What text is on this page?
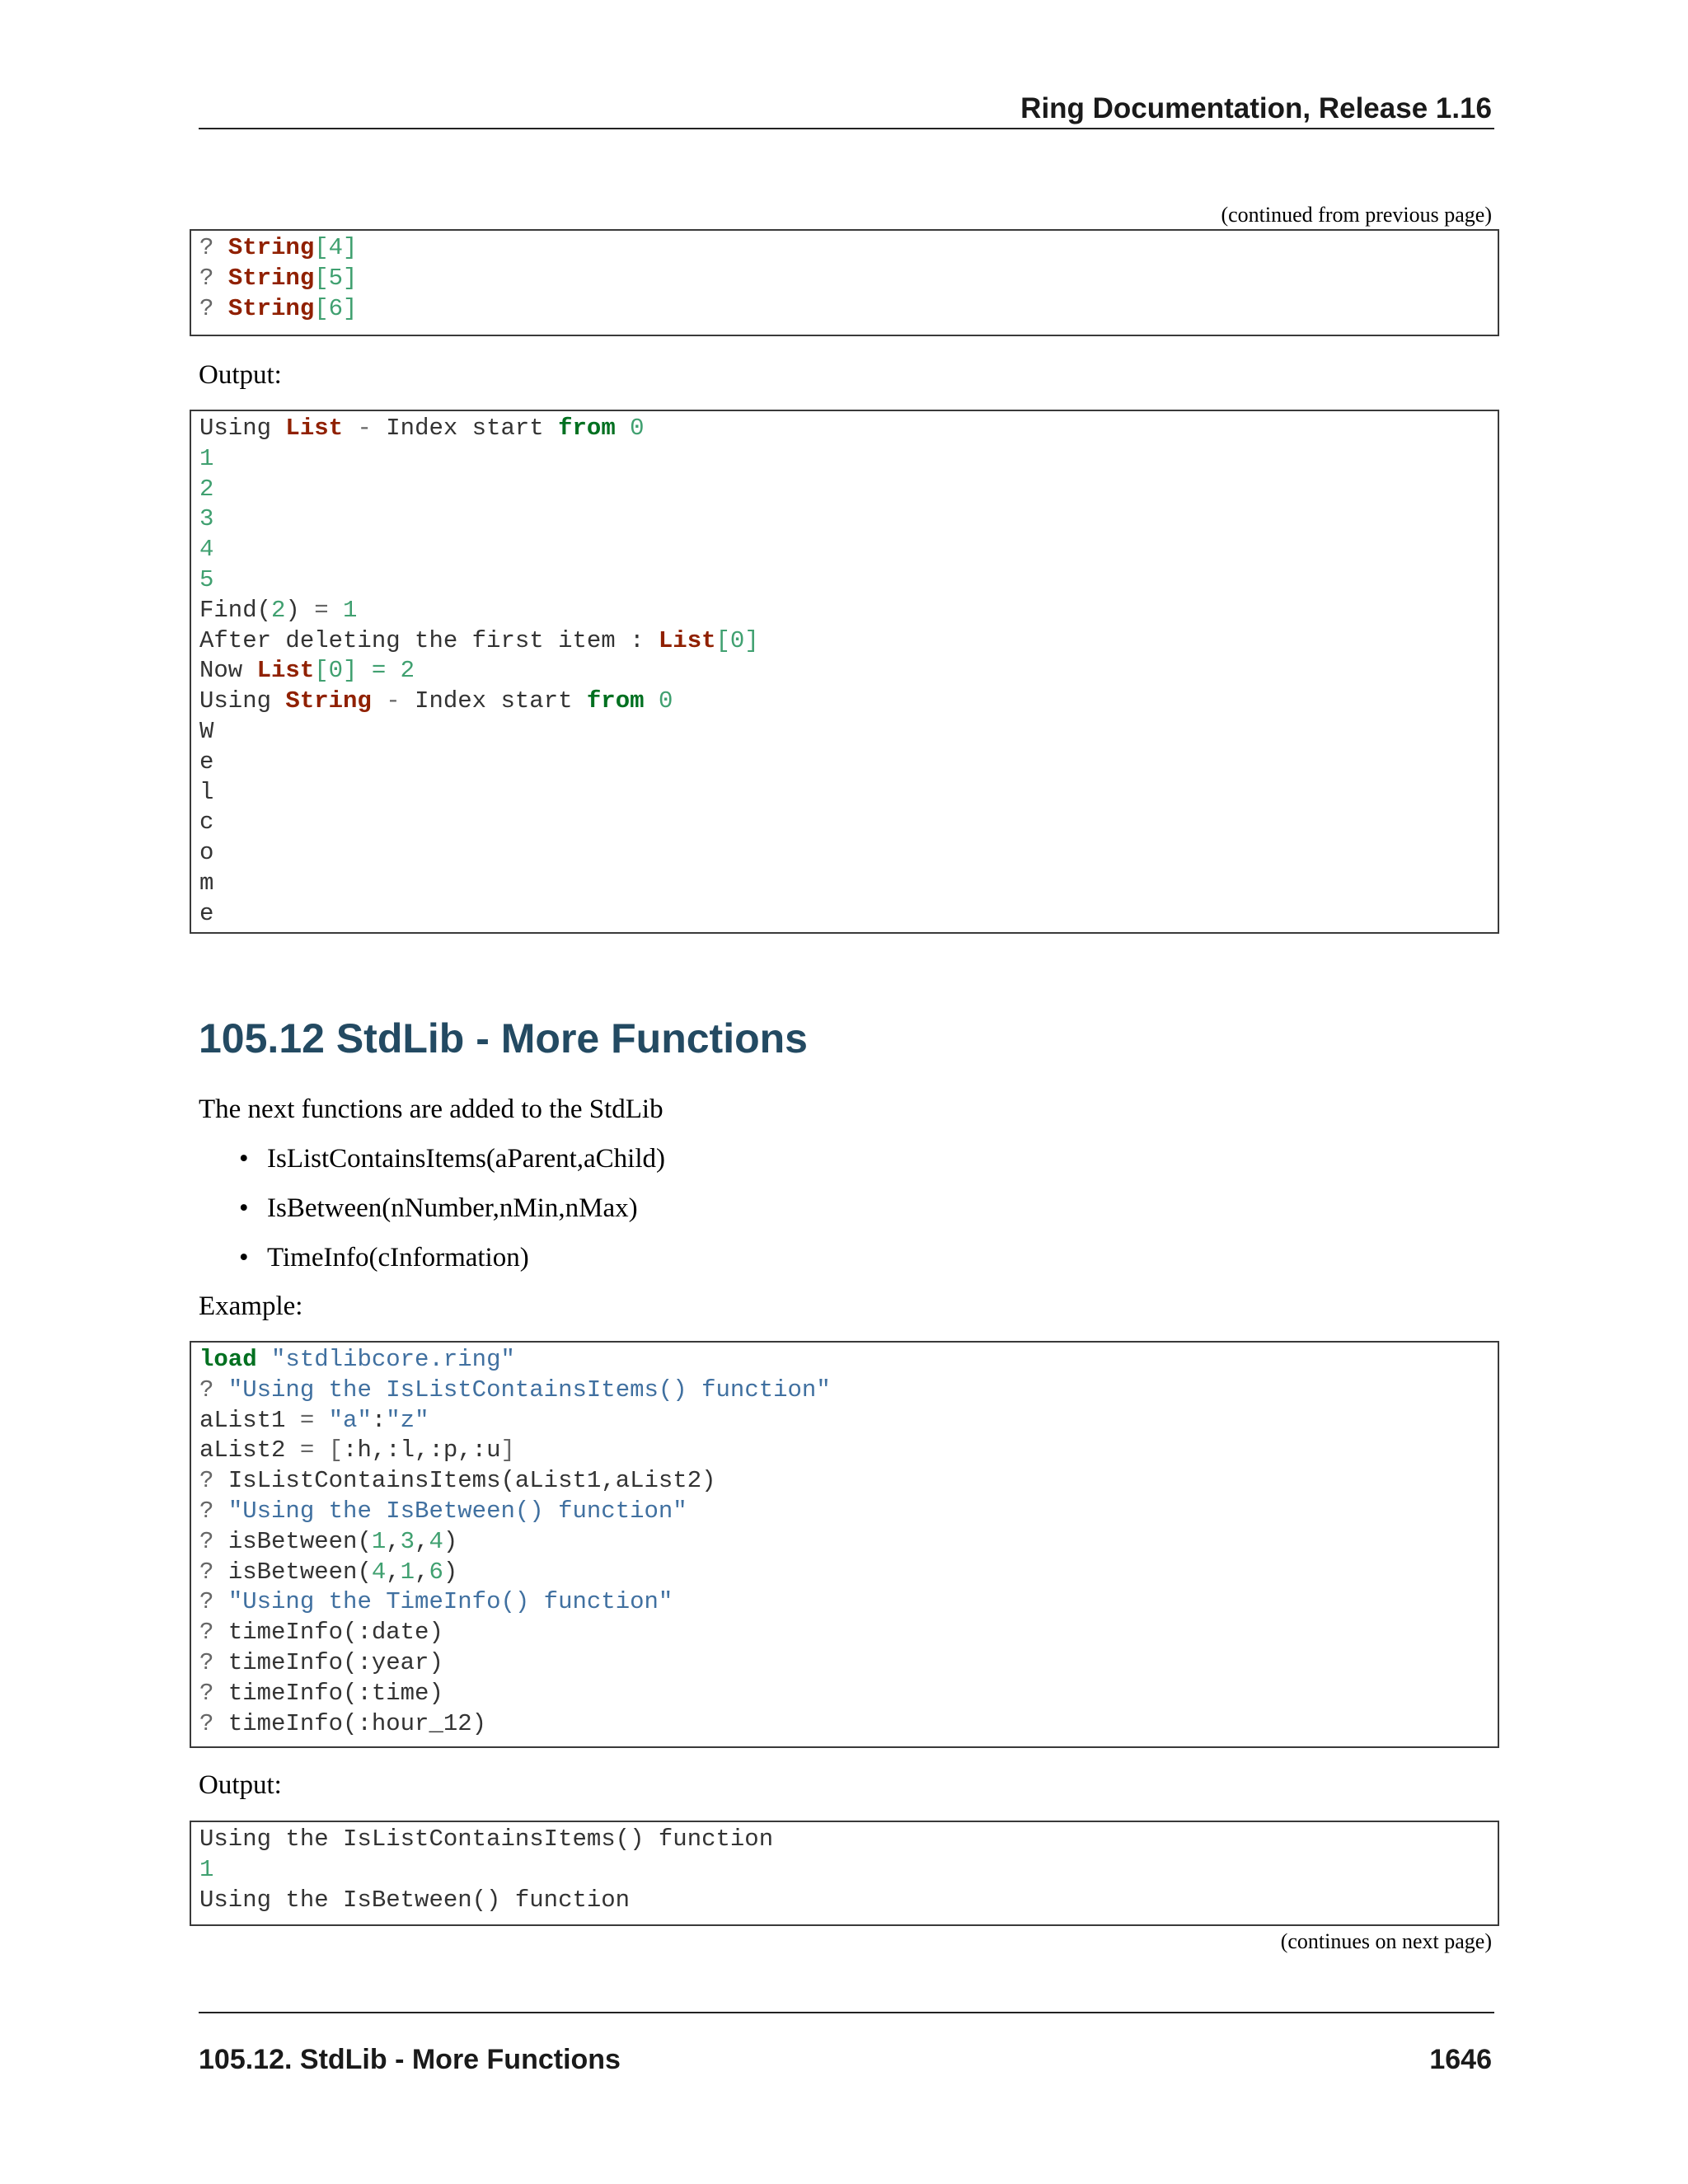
Ring Documentation, Release 1.16
(continued from previous page)
? String[4]
? String[5]
? String[6]
Output:
Using List - Index start from 0
1
2
3
4
5
Find(2) = 1
After deleting the first item : List[0]
Now List[0] = 2
Using String - Index start from 0
W
e
l
c
o
m
e
105.12 StdLib - More Functions
The next functions are added to the StdLib
• IsListContainsItems(aParent,aChild)
• IsBetween(nNumber,nMin,nMax)
• TimeInfo(cInformation)
Example:
load "stdlibcore.ring"
? "Using the IsListContainsItems() function"
aList1 = "a":"z"
aList2 = [:h,:l,:p,:u]
? IsListContainsItems(aList1,aList2)
? "Using the IsBetween() function"
? isBetween(1,3,4)
? isBetween(4,1,6)
? "Using the TimeInfo() function"
? timeInfo(:date)
? timeInfo(:year)
? timeInfo(:time)
? timeInfo(:hour_12)
Output:
Using the IsListContainsItems() function
1
Using the IsBetween() function
(continues on next page)
105.12. StdLib - More Functions	1646
